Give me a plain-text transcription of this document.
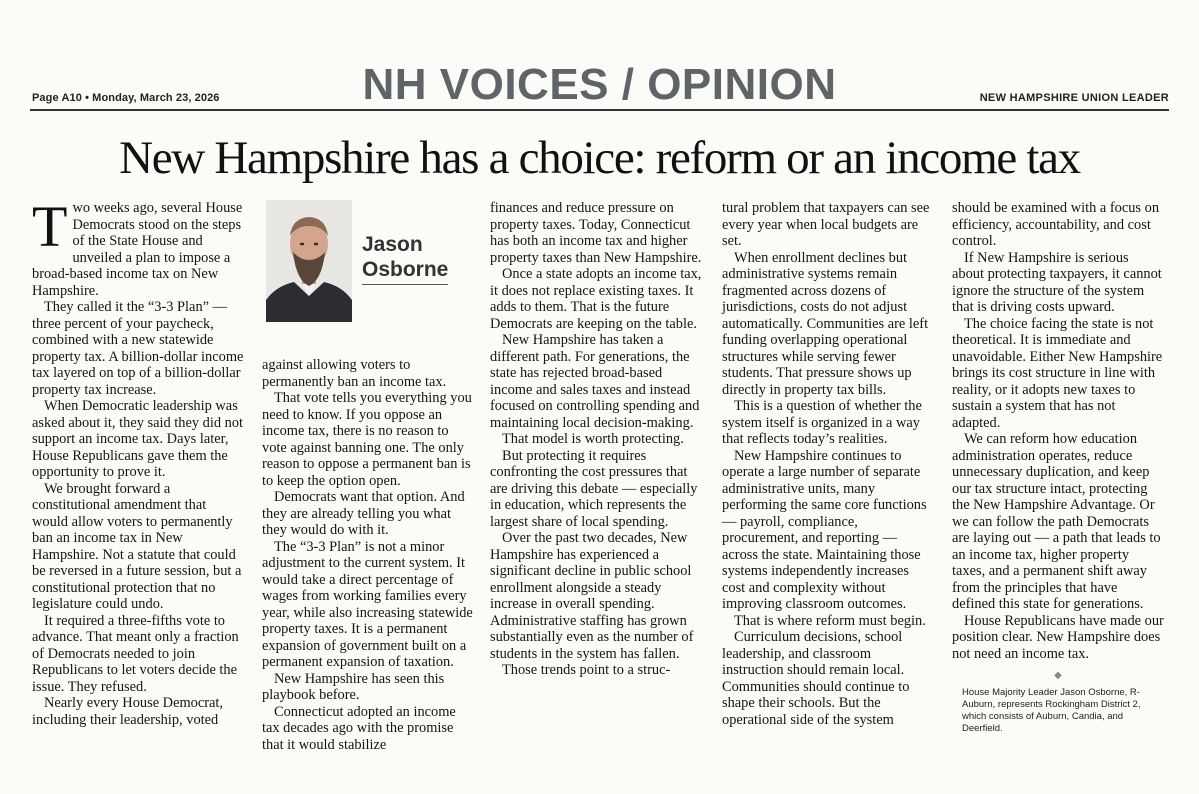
Page A10 • Monday, March 23, 2026	NH VOICES / OPINION	NEW HAMPSHIRE UNION LEADER
New Hampshire has a choice: reform or an income tax

Two weeks ago, several House Democrats stood on the steps of the State House and unveiled a plan to impose a broad-based income tax on New Hampshire.

They called it the “3-3 Plan” — three percent of your paycheck, combined with a new statewide property tax. A billion-dollar income tax layered on top of a billion-dollar property tax increase.

When Democratic leadership was asked about it, they said they did not support an income tax. Days later, House Republicans gave them the opportunity to prove it.

We brought forward a constitutional amendment that would allow voters to permanently ban an income tax in New Hampshire. Not a statute that could be reversed in a future session, but a constitutional protection that no legislature could undo.

It required a three-fifths vote to advance. That meant only a fraction of Democrats needed to join Republicans to let voters decide the issue. They refused.

Nearly every House Democrat, including their leadership, voted

Jason
Osborne

against allowing voters to permanently ban an income tax.

That vote tells you everything you need to know. If you oppose an income tax, there is no reason to vote against banning one. The only reason to oppose a permanent ban is to keep the option open.

Democrats want that option. And they are already telling you what they would do with it.

The “3-3 Plan” is not a minor adjustment to the current system. It would take a direct percentage of wages from working families every year, while also increasing statewide property taxes. It is a permanent expansion of government built on a permanent expansion of taxation.

New Hampshire has seen this playbook before.

Connecticut adopted an income tax decades ago with the promise that it would stabilize

finances and reduce pressure on property taxes. Today, Connecticut has both an income tax and higher property taxes than New Hampshire.

Once a state adopts an income tax, it does not replace existing taxes. It adds to them. That is the future Democrats are keeping on the table.

New Hampshire has taken a different path. For generations, the state has rejected broad-based income and sales taxes and instead focused on controlling spending and maintaining local decision-making.

That model is worth protecting.

But protecting it requires confronting the cost pressures that are driving this debate — especially in education, which represents the largest share of local spending.

Over the past two decades, New Hampshire has experienced a significant decline in public school enrollment alongside a steady increase in overall spending. Administrative staffing has grown substantially even as the number of students in the system has fallen.

Those trends point to a struc-

tural problem that taxpayers can see every year when local budgets are set.

When enrollment declines but administrative systems remain fragmented across dozens of jurisdictions, costs do not adjust automatically. Communities are left funding overlapping operational structures while serving fewer students. That pressure shows up directly in property tax bills.

This is a question of whether the system itself is organized in a way that reflects today’s realities.

New Hampshire continues to operate a large number of separate administrative units, many performing the same core functions — payroll, compliance, procurement, and reporting — across the state. Maintaining those systems independently increases cost and complexity without improving classroom outcomes.

That is where reform must begin.

Curriculum decisions, school leadership, and classroom instruction should remain local. Communities should continue to shape their schools. But the operational side of the system

should be examined with a focus on efficiency, accountability, and cost control.

If New Hampshire is serious about protecting taxpayers, it cannot ignore the structure of the system that is driving costs upward.

The choice facing the state is not theoretical. It is immediate and unavoidable. Either New Hampshire brings its cost structure in line with reality, or it adopts new taxes to sustain a system that has not adapted.

We can reform how education administration operates, reduce unnecessary duplication, and keep our tax structure intact, protecting the New Hampshire Advantage. Or we can follow the path Democrats are laying out — a path that leads to an income tax, higher property taxes, and a permanent shift away from the principles that have defined this state for generations.

House Republicans have made our position clear. New Hampshire does not need an income tax.

◆
House Majority Leader Jason Osborne, R-Auburn, represents Rockingham District 2, which consists of Auburn, Candia, and Deerfield.
